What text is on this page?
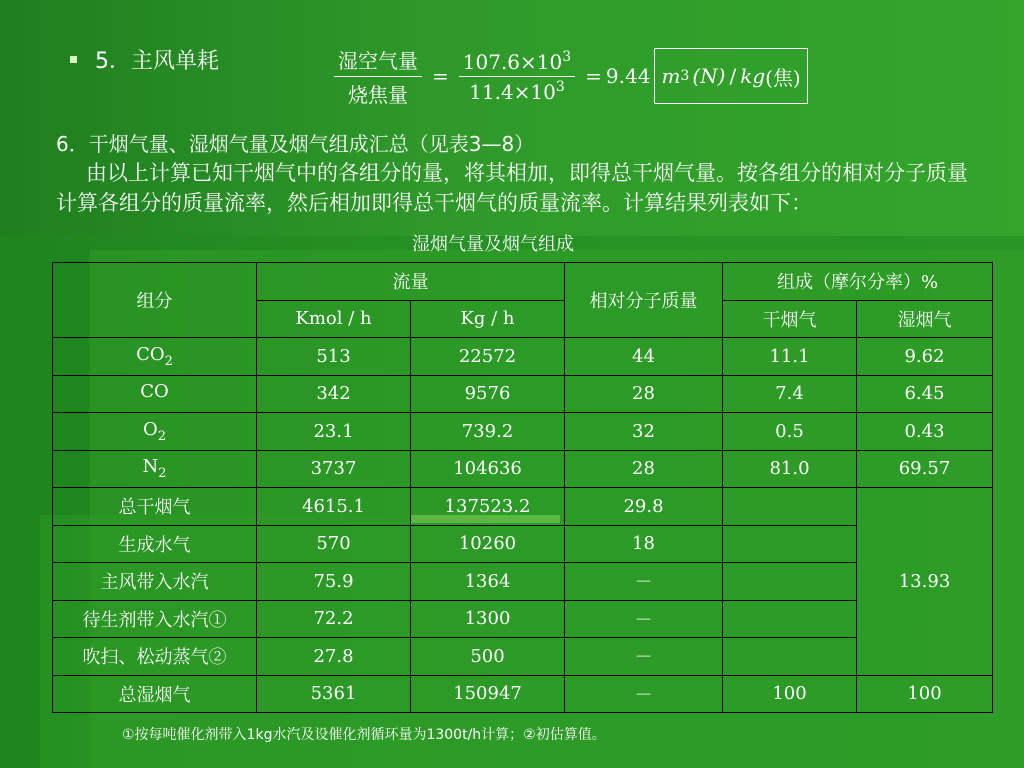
5．主风单耗	$\frac{\text{湿空气量}}{\text{烧焦量}} = \frac{107.6\times 10^3}{11.4\times 10^3} = 9.44$ m 3 (N) / kg (焦)
6．干烟气量、湿烟气量及烟气组成汇总（见表3—8）
由以上计算已知干烟气中的各组分的量，将其相加，即得总干烟气量。按各组分的相对分子质量计算各组分的质量流率，然后相加即得总干烟气的质量流率。计算结果列表如下：
湿烟气量及烟气组成
组分	流量		相对分子质量	组成（摩尔分率）%	
	Kmol / h	Kg / h		干烟气	湿烟气
$CO_2$	513	22572	44	11.1	9.62
CO	342	9576	28	7.4	6.45
$O_2$	23.1	739.2	32	0.5	0.43
$N_2$	3737	104636	28	81.0	69.57
总干烟气	4615.1	137523.2	29.8		13.93
生成水气	570	10260	18		
主风带入水汽	75.9	1364	－		
待生剂带入水汽①	72.2	1300	－		
吹扫、松动蒸气②	27.8	500	－		
总湿烟气	5361	150947	－	100	100
①按每吨催化剂带入1kg水汽及设催化剂循环量为1300t/h计算；②初估算值。
